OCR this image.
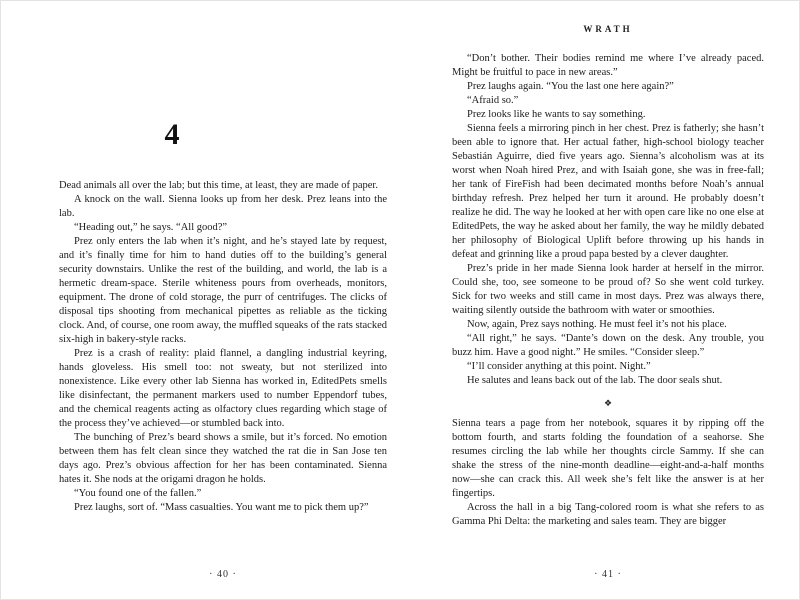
4

Dead animals all over the lab; but this time, at least, they are made of paper.

A knock on the wall. Sienna looks up from her desk. Prez leans into the lab.

“Heading out,” he says. “All good?”

Prez only enters the lab when it’s night, and he’s stayed late by request, and it’s finally time for him to hand duties off to the building’s general security downstairs. Unlike the rest of the building, and world, the lab is a hermetic dream-space. Sterile whiteness pours from overheads, monitors, equipment. The drone of cold storage, the purr of centrifuges. The clicks of disposal tips shooting from mechanical pipettes as reliable as the ticking clock. And, of course, one room away, the muffled squeaks of the rats stacked six-high in bakery-style racks.

Prez is a crash of reality: plaid flannel, a dangling industrial keyring, hands gloveless. His smell too: not sweaty, but not sterilized into nonexistence. Like every other lab Sienna has worked in, EditedPets smells like disinfectant, the permanent markers used to number Eppendorf tubes, and the chemical reagents acting as olfactory clues regarding which stage of the process they’ve achieved—or stumbled back into.

The bunching of Prez’s beard shows a smile, but it’s forced. No emotion between them has felt clean since they watched the rat die in San Jose ten days ago. Prez’s obvious affection for her has been contaminated. Sienna hates it. She nods at the origami dragon he holds.

“You found one of the fallen.”

Prez laughs, sort of. “Mass casualties. You want me to pick them up?”

· 40 ·
WRATH

“Don’t bother. Their bodies remind me where I’ve already paced. Might be fruitful to pace in new areas.”

Prez laughs again. “You the last one here again?”

“Afraid so.”

Prez looks like he wants to say something.

Sienna feels a mirroring pinch in her chest. Prez is fatherly; she hasn’t been able to ignore that. Her actual father, high-school biology teacher Sebastián Aguirre, died five years ago. Sienna’s alcoholism was at its worst when Noah hired Prez, and with Isaiah gone, she was in free-fall; her tank of FireFish had been decimated months before Noah’s annual birthday refresh. Prez helped her turn it around. He probably doesn’t realize he did. The way he looked at her with open care like no one else at EditedPets, the way he asked about her family, the way he mildly debated her philosophy of Biological Uplift before throwing up his hands in defeat and grinning like a proud papa bested by a clever daughter.

Prez’s pride in her made Sienna look harder at herself in the mirror. Could she, too, see someone to be proud of? So she went cold turkey. Sick for two weeks and still came in most days. Prez was always there, waiting silently outside the bathroom with water or smoothies.

Now, again, Prez says nothing. He must feel it’s not his place.

“All right,” he says. “Dante’s down on the desk. Any trouble, you buzz him. Have a good night.” He smiles. “Consider sleep.”

“I’ll consider anything at this point. Night.”

He salutes and leans back out of the lab. The door seals shut.

❖

Sienna tears a page from her notebook, squares it by ripping off the bottom fourth, and starts folding the foundation of a seahorse. She resumes circling the lab while her thoughts circle Sammy. If she can shake the stress of the nine-month deadline—eight-and-a-half months now—she can crack this. All week she’s felt like the answer is at her fingertips.

Across the hall in a big Tang-colored room is what she refers to as Gamma Phi Delta: the marketing and sales team. They are bigger

· 41 ·
